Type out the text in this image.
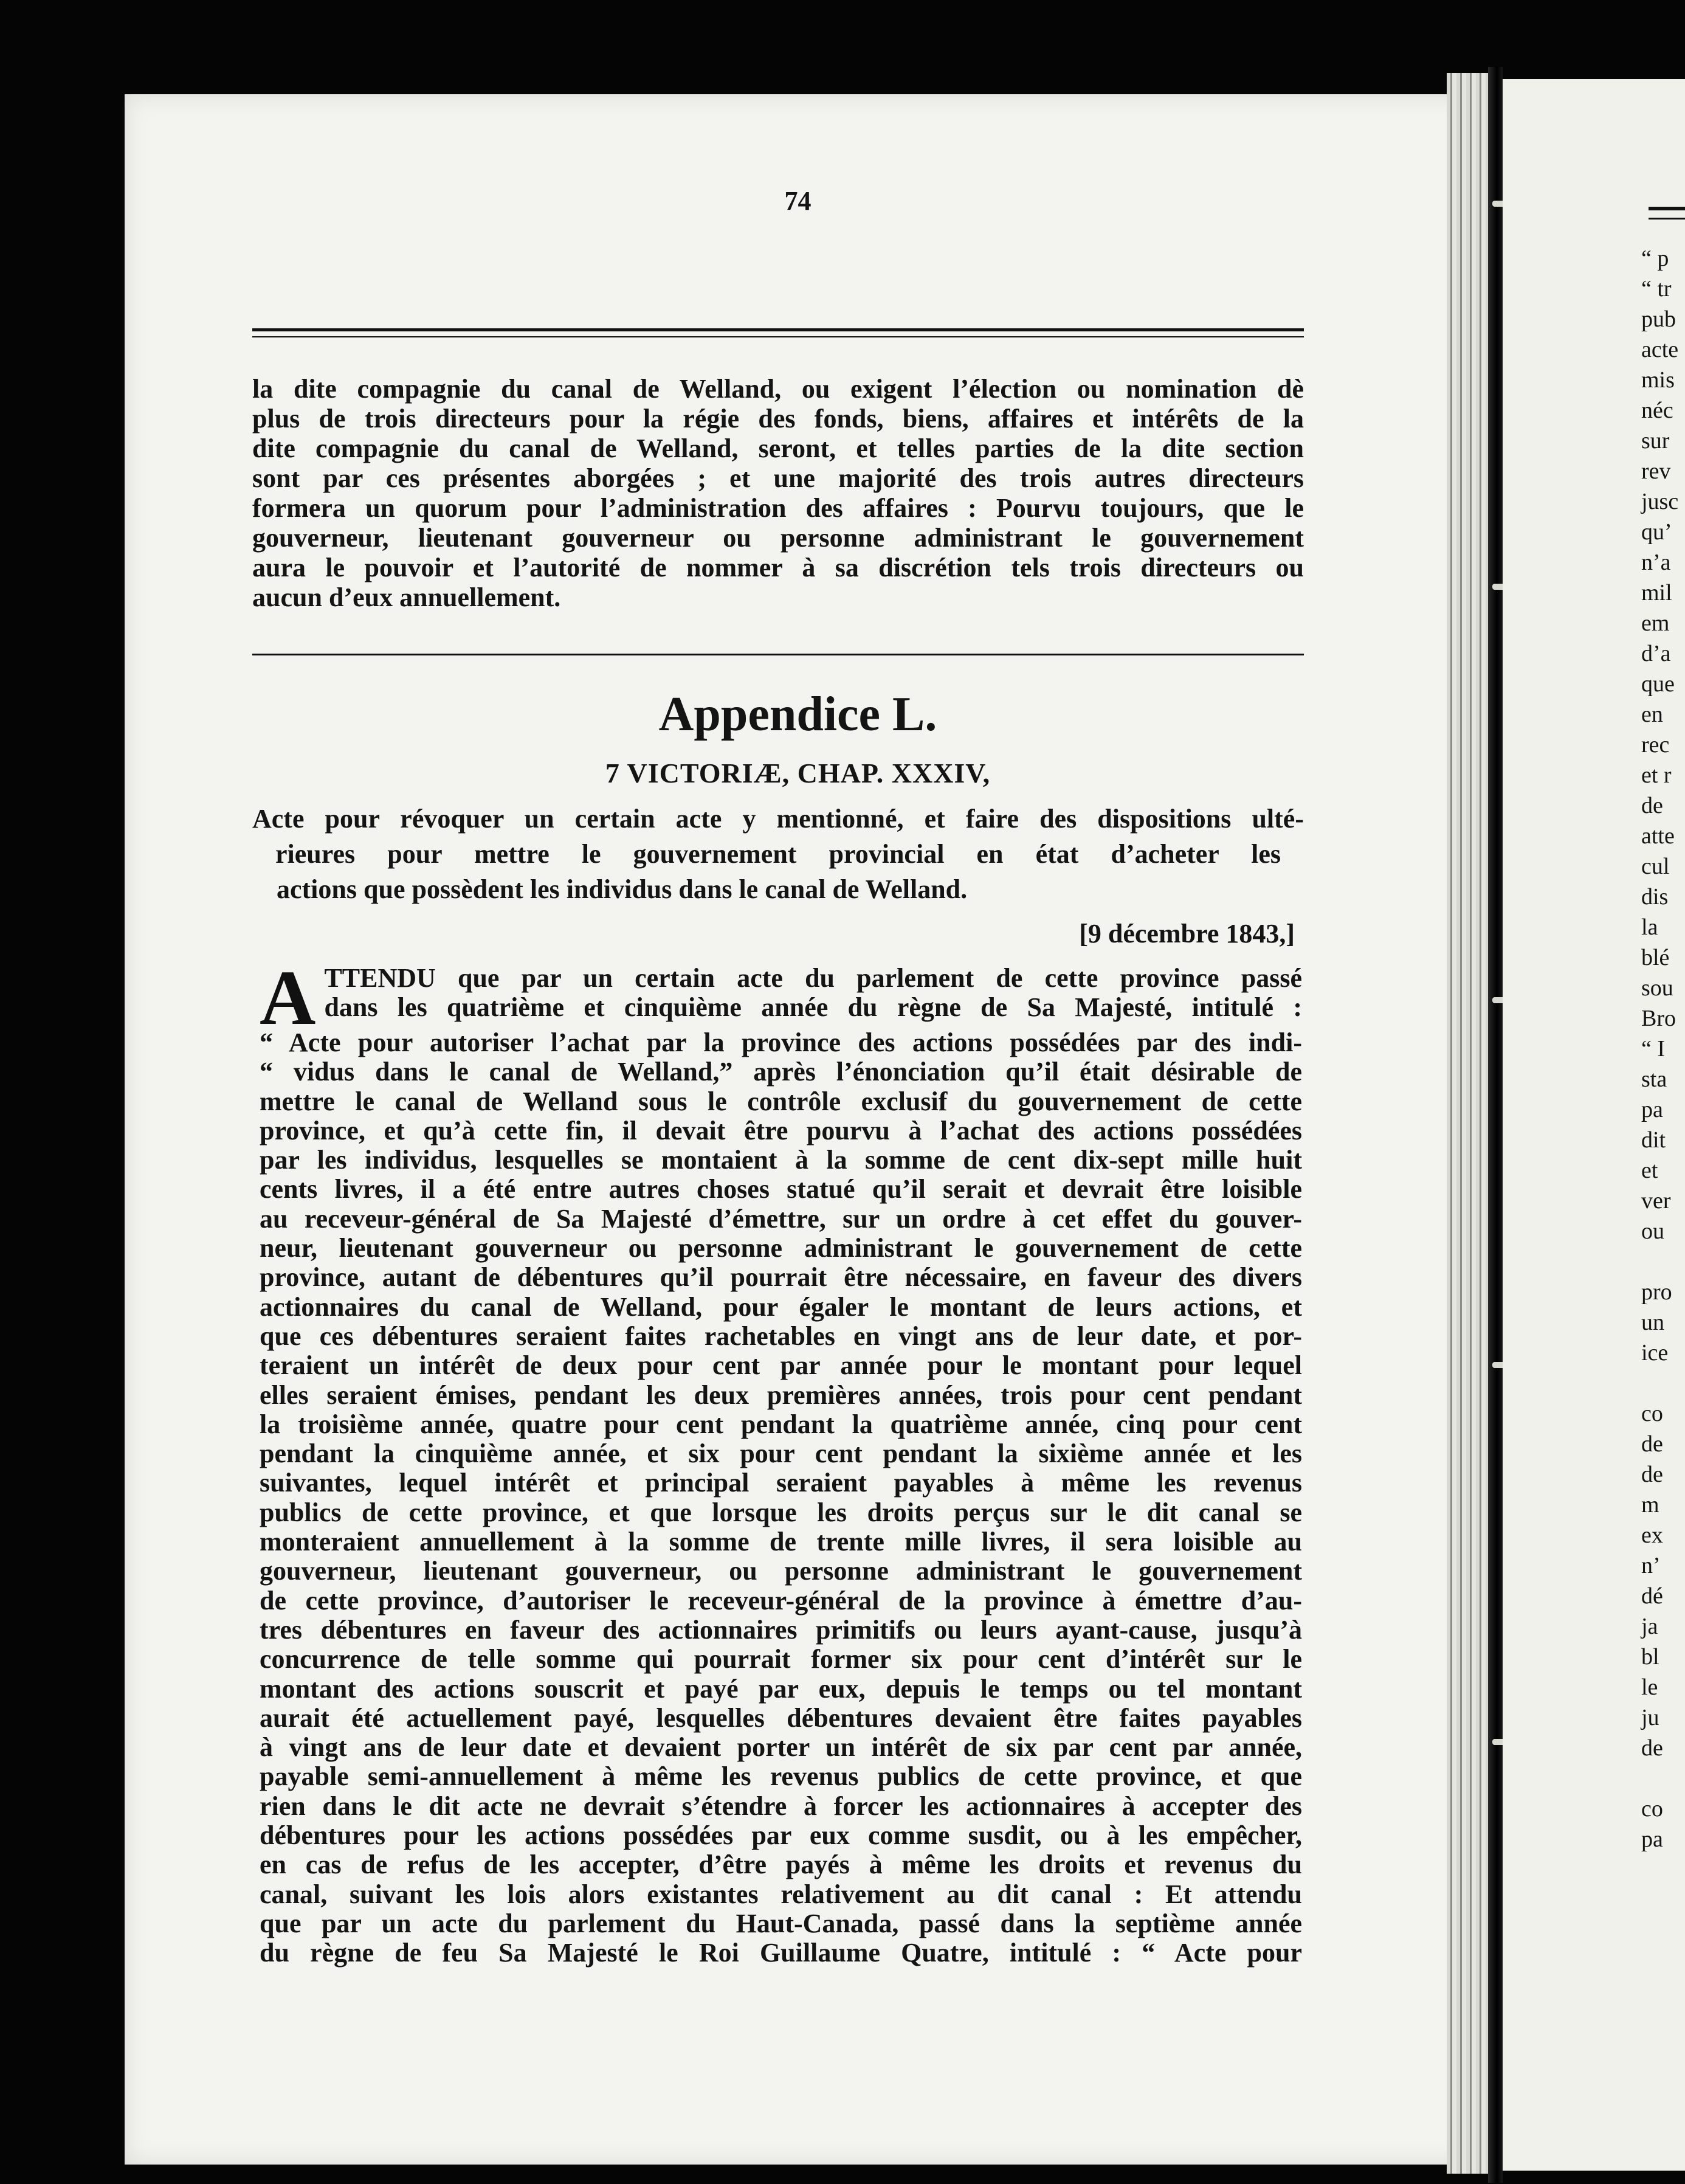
74
la dite compagnie du canal de Welland, ou exigent l’élection ou nomination dè
plus de trois directeurs pour la régie des fonds, biens, affaires et intérêts de la
dite compagnie du canal de Welland, seront, et telles parties de la dite section
sont par ces présentes aborgées ; et une majorité des trois autres directeurs
formera un quorum pour l’administration des affaires : Pourvu toujours, que le
gouverneur, lieutenant gouverneur ou personne administrant le gouvernement
aura le pouvoir et l’autorité de nommer à sa discrétion tels trois directeurs ou
aucun d’eux annuellement.
Appendice L.
7 VICTORIÆ, CHAP. XXXIV,
Acte pour révoquer un certain acte y mentionné, et faire des dispositions ulté-
rieures pour mettre le gouvernement provincial en état d’acheter les
actions que possèdent les individus dans le canal de Welland.
[9 décembre 1843,]
A TTENDU que par un certain acte du parlement de cette province passé
dans les quatrième et cinquième année du règne de Sa Majesté, intitulé :
“ Acte pour autoriser l’achat par la province des actions possédées par des indi-
“ vidus dans le canal de Welland,” après l’énonciation qu’il était désirable de
mettre le canal de Welland sous le contrôle exclusif du gouvernement de cette
province, et qu’à cette fin, il devait être pourvu à l’achat des actions possédées
par les individus, lesquelles se montaient à la somme de cent dix-sept mille huit
cents livres, il a été entre autres choses statué qu’il serait et devrait être loisible
au receveur-général de Sa Majesté d’émettre, sur un ordre à cet effet du gouver-
neur, lieutenant gouverneur ou personne administrant le gouvernement de cette
province, autant de débentures qu’il pourrait être nécessaire, en faveur des divers
actionnaires du canal de Welland, pour égaler le montant de leurs actions, et
que ces débentures seraient faites rachetables en vingt ans de leur date, et por-
teraient un intérêt de deux pour cent par année pour le montant pour lequel
elles seraient émises, pendant les deux premières années, trois pour cent pendant
la troisième année, quatre pour cent pendant la quatrième année, cinq pour cent
pendant la cinquième année, et six pour cent pendant la sixième année et les
suivantes, lequel intérêt et principal seraient payables à même les revenus
publics de cette province, et que lorsque les droits perçus sur le dit canal se
monteraient annuellement à la somme de trente mille livres, il sera loisible au
gouverneur, lieutenant gouverneur, ou personne administrant le gouvernement
de cette province, d’autoriser le receveur-général de la province à émettre d’au-
tres débentures en faveur des actionnaires primitifs ou leurs ayant-cause, jusqu’à
concurrence de telle somme qui pourrait former six pour cent d’intérêt sur le
montant des actions souscrit et payé par eux, depuis le temps ou tel montant
aurait été actuellement payé, lesquelles débentures devaient être faites payables
à vingt ans de leur date et devaient porter un intérêt de six par cent par année,
payable semi-annuellement à même les revenus publics de cette province, et que
rien dans le dit acte ne devrait s’étendre à forcer les actionnaires à accepter des
débentures pour les actions possédées par eux comme susdit, ou à les empêcher,
en cas de refus de les accepter, d’être payés à même les droits et revenus du
canal, suivant les lois alors existantes relativement au dit canal : Et attendu
que par un acte du parlement du Haut-Canada, passé dans la septième année
du règne de feu Sa Majesté le Roi Guillaume Quatre, intitulé : “ Acte pour
“ p
“ tr
pub
acte
mis
néc
sur
rev
jusc
qu’
n’a
mil
em
d’a
que
en
rec
et r
de
atte
cul
dis
la
blé
sou
Bro
“ I
sta
pa
dit
et
ver
ou
pro
un
ice
co
de
de
m
ex
n’
dé
ja
bl
le
ju
de
co
pa
